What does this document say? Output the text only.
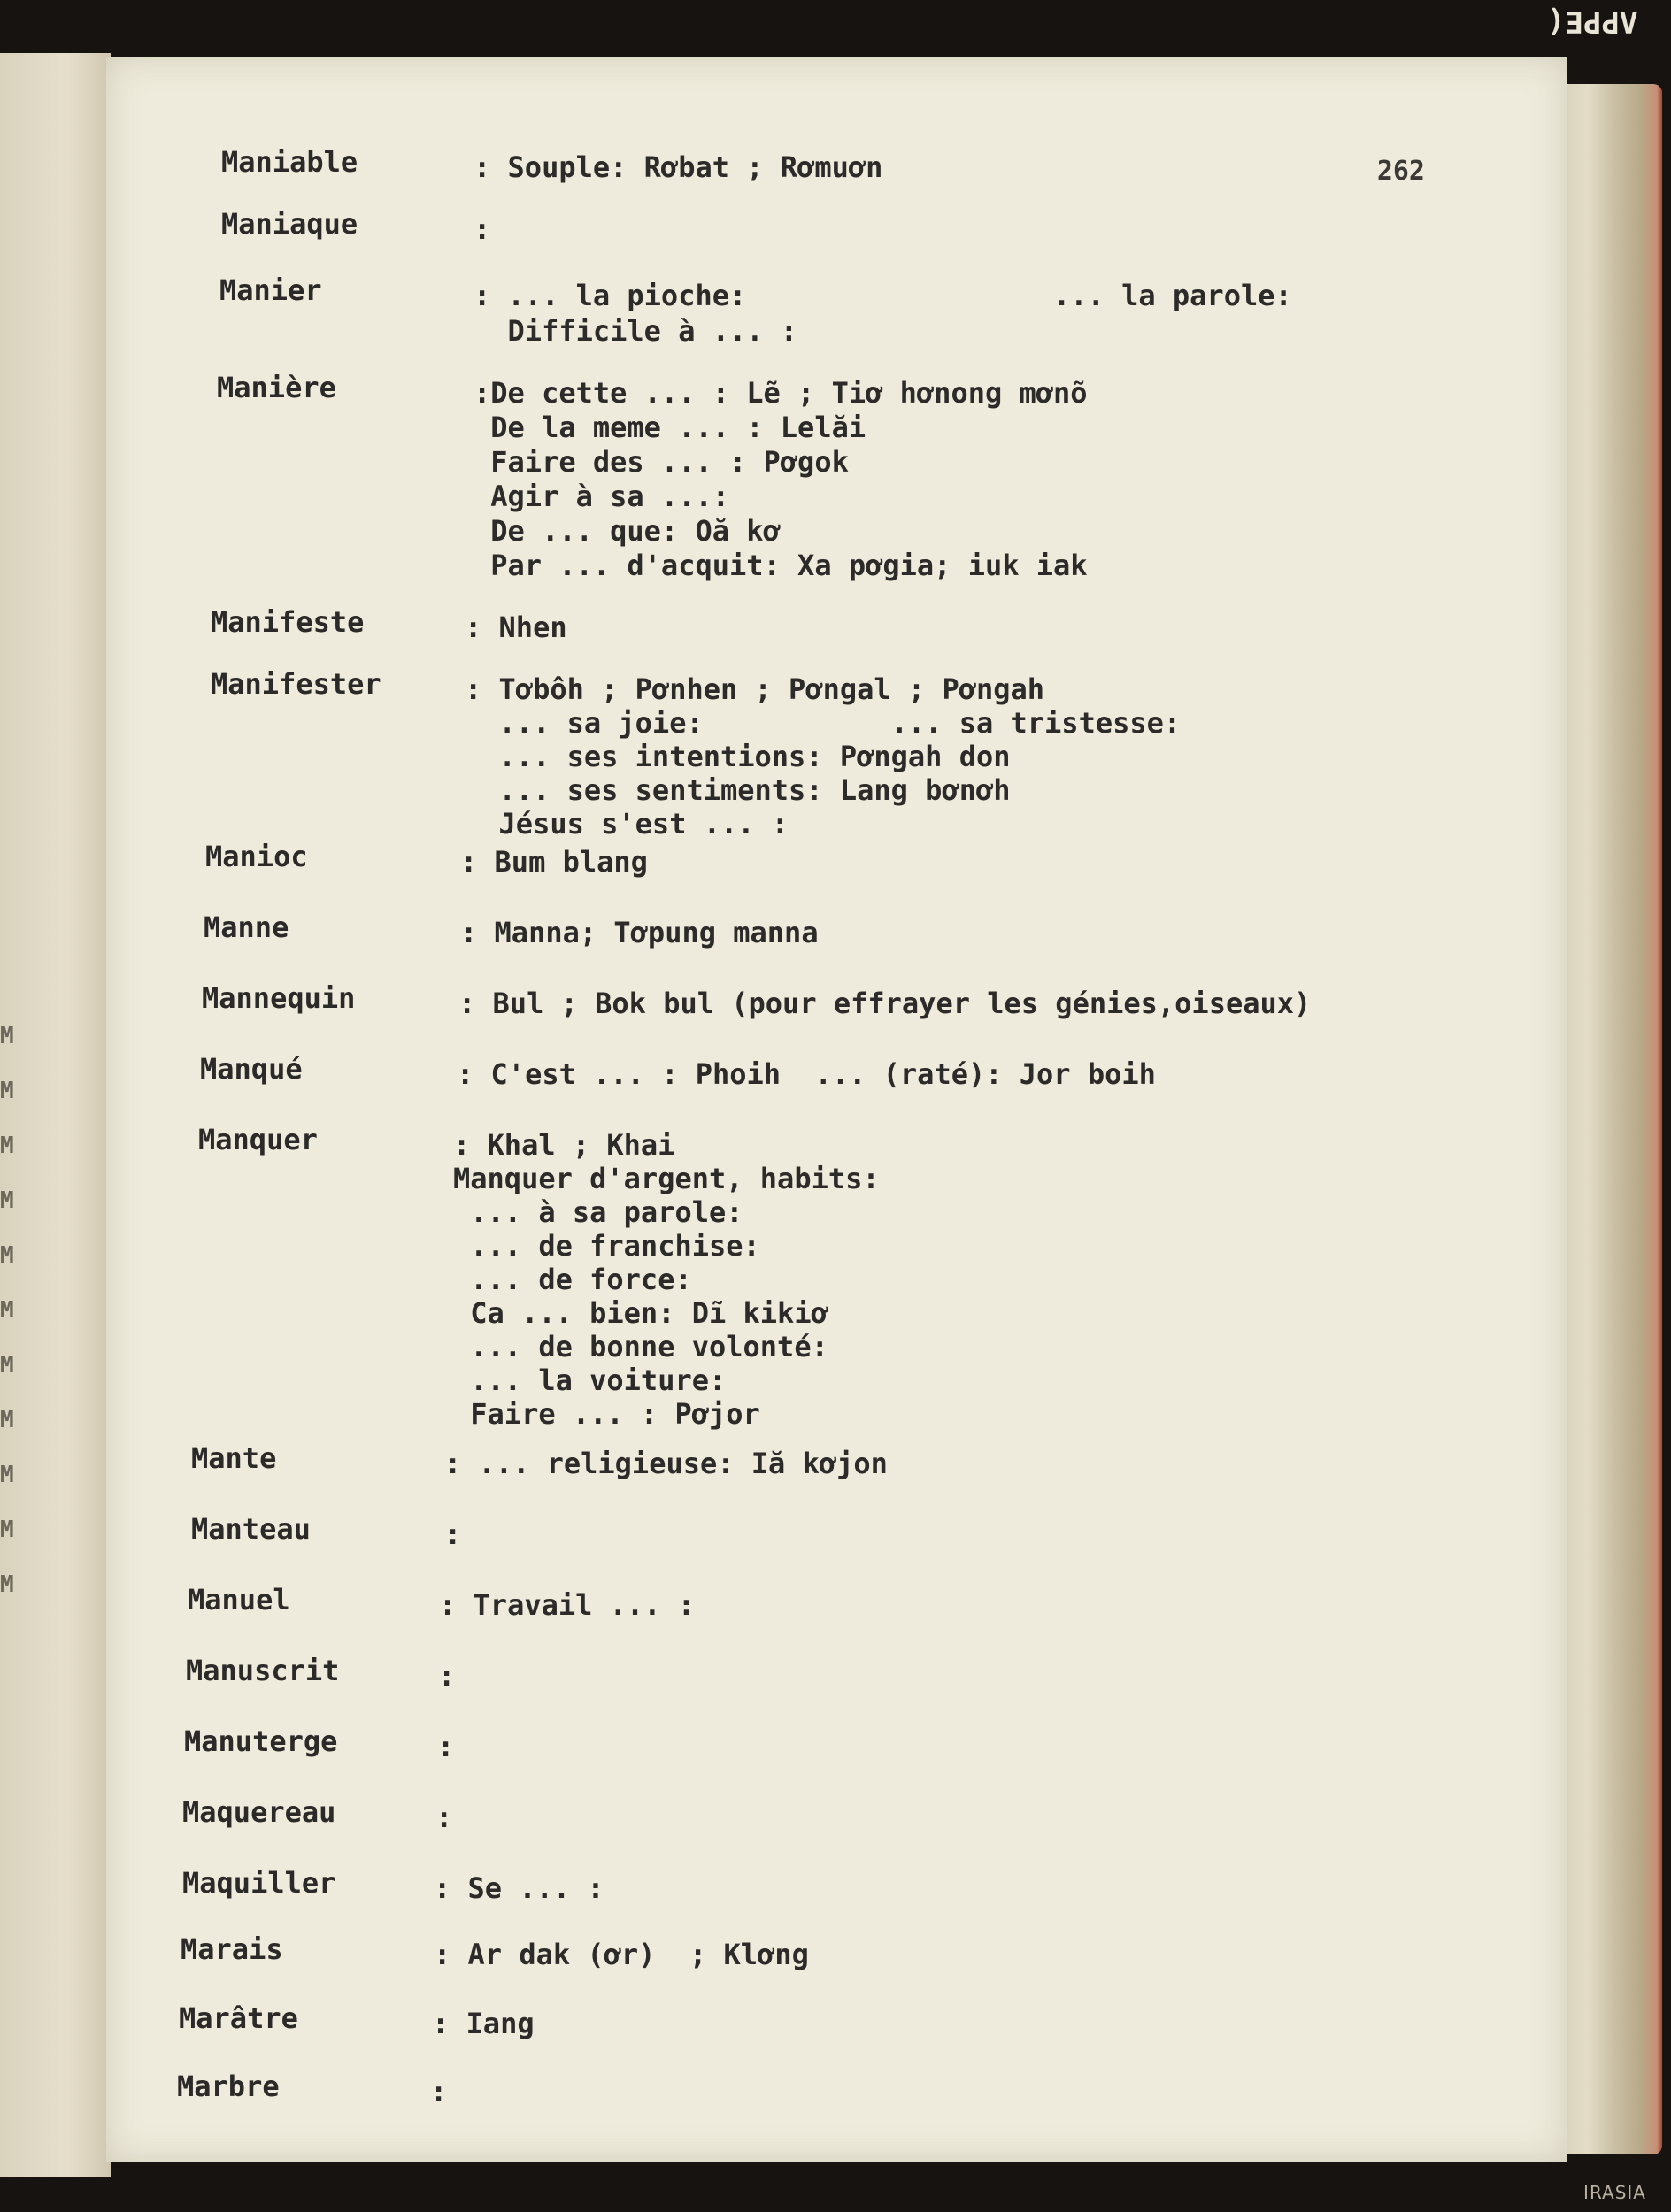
M
M
M
M
M
M
M
M
M
M
M
ΛPPE(
262
Maniable	: Souple: Rơbat ; Rơmuơn
Maniaque	:
Manier	: ... la pioche:                  ... la parole:
Difficile à ... :
Manière	:De cette ... : Lẽ ; Tiơ hơnong mơnõ
De la meme ... : Lelăi
Faire des ... : Pơgok
Agir à sa ...:
De ... que: Oă kơ
Par ... d'acquit: Xa pơgia; iuk iak
Manifeste	: Nhen
Manifester	: Tơbôh ; Pơnhen ; Pơngal ; Pơngah
... sa joie:           ... sa tristesse:
... ses intentions: Pơngah don
... ses sentiments: Lang bơnơh
Jésus s'est ... :
Manioc	: Bum blang
Manne	: Manna; Tơpung manna
Mannequin	: Bul ; Bok bul (pour effrayer les génies,oiseaux)
Manqué	: C'est ... : Phoih  ... (raté): Jor boih
Manquer	: Khal ; Khai
Manquer d'argent, habits:
... à sa parole:
... de franchise:
... de force:
Ca ... bien: Dĩ kikiơ
... de bonne volonté:
... la voiture:
Faire ... : Pơjor
Mante	: ... religieuse: Iă kơjon
Manteau	:
Manuel	: Travail ... :
Manuscrit	:
Manuterge	:
Maquereau	:
Maquiller	: Se ... :
Marais	: Ar dak (ơr)  ; Klơng
Marâtre	: Iang
Marbre	:
IRASIA
